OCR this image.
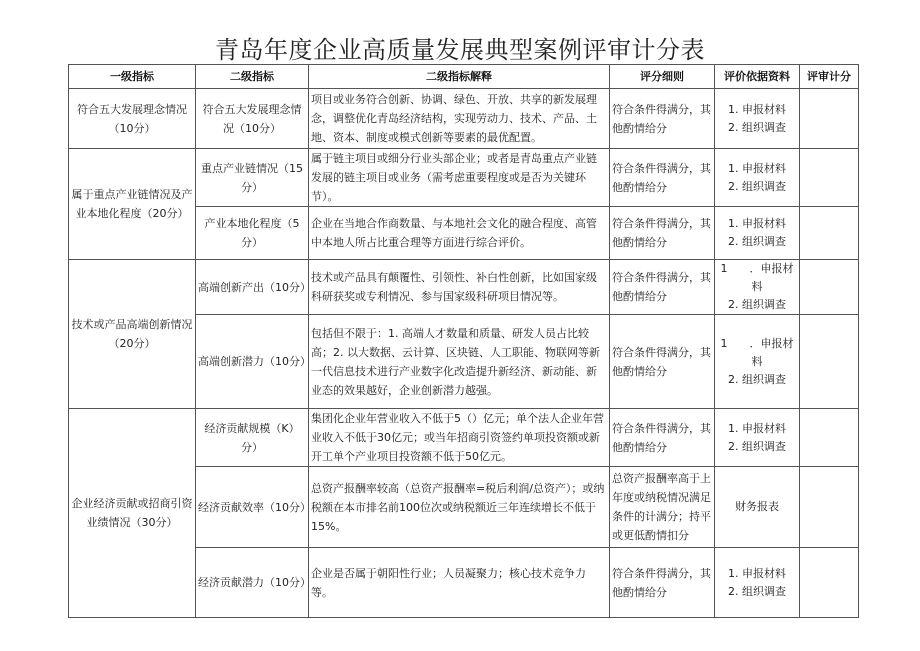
青岛年度企业高质量发展典型案例评审计分表
一级指标	二级指标	二级指标解释	评分细则	评价依据资料	评审计分
符合五大发展理念情况（10分）	符合五大发展理念情况（10分）	项目或业务符合创新、协调、绿色、开放、共享的新发展理念，调整优化青岛经济结构，实现劳动力、技术、产品、土地、资本、制度或模式创新等要素的最优配置。	符合条件得满分，其他酌情给分	1. 申报材料
2. 组织调查	

属于重点产业链情况及产业本地化程度（20分）	重点产业链情况（15分）	属于链主项目或细分行业头部企业；或者是青岛重点产业链发展的链主项目或业务（需考虑重要程度或是否为关键环节）。	符合条件得满分，其他酌情给分	1. 申报材料
2. 组织调查	

	产业本地化程度（5分）	企业在当地合作商数量、与本地社会文化的融合程度、高管中本地人所占比重合理等方面进行综合评价。	符合条件得满分，其他酌情给分	1. 申报材料
2. 组织调查	

技术或产品高端创新情况（20分）	高端创新产出（10分）	技术或产品具有颠覆性、引领性、补白性创新，比如国家级科研获奖或专利情况、参与国家级科研项目情况等。	符合条件得满分，其他酌情给分	1　　．申报材料
2. 组织调查	

	高端创新潜力（10分）	包括但不限于：1. 高端人才数量和质量、研发人员占比较高；2. 以大数据、云计算、区块链、人工职能、物联网等新一代信息技术进行产业数字化改造提升新经济、新动能、新业态的效果越好，企业创新潜力越强。	符合条件得满分，其他酌情给分	1　　．申报材料
2. 组织调查	

企业经济贡献或招商引资业绩情况（30分）	经济贡献规模（K）分）	集团化企业年营业收入不低于5（）亿元；单个法人企业年营业收入不低于30亿元；或当年招商引资签约单项投资额或新开工单个产业项目投资额不低于50亿元。	符合条件得满分，其他酌情给分	1. 申报材料
2. 组织调查	

	经济贡献效率（10分）	总资产报酬率较高（总资产报酬率=税后利润/总资产）；或纳税额在本市排名前100位次或纳税额近三年连续增长不低于15%。	总资产报酬率高于上年度或纳税情况满足条件的计满分；持平或更低酌情扣分	财务报表	

	经济贡献潜力（10分）	企业是否属于朝阳性行业；人员凝聚力；核心技术竞争力等。	符合条件得满分，其他酌情给分	1. 申报材料
2. 组织调查	
